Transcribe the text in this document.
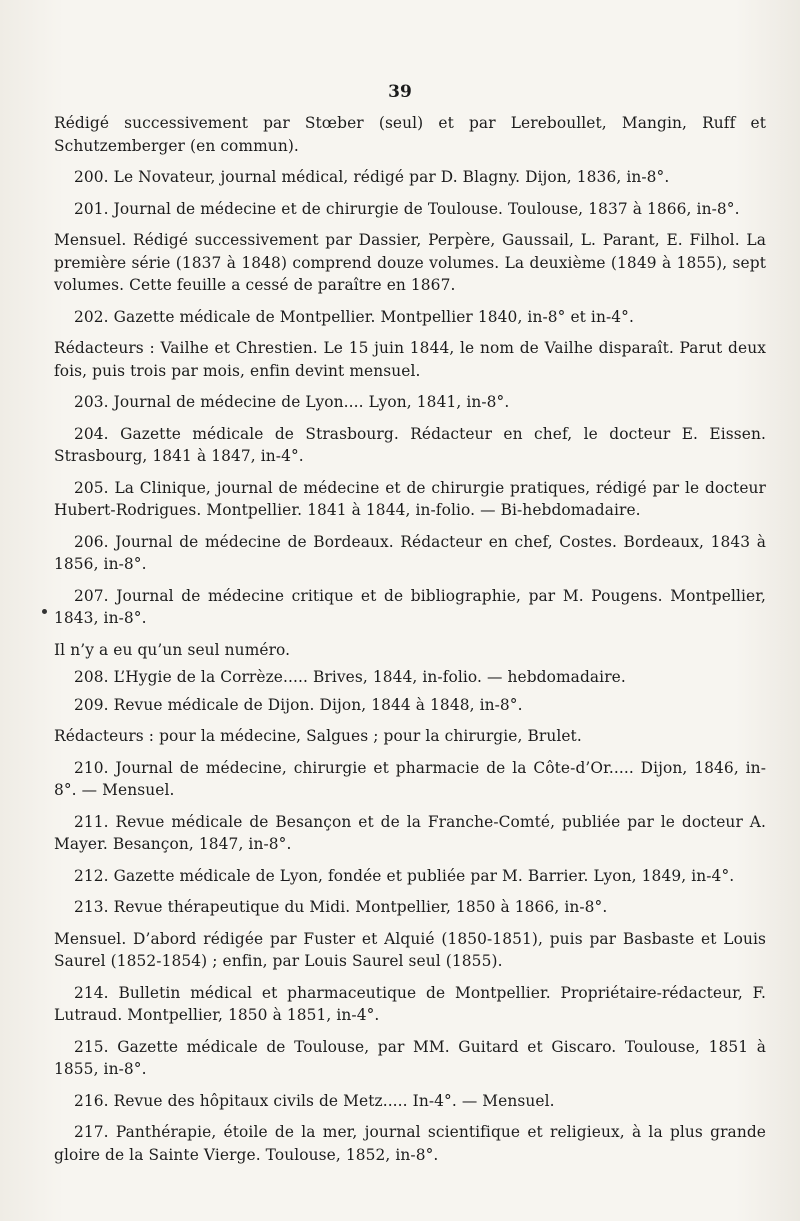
39

Rédigé successivement par Stœber (seul) et par Lereboullet, Mangin, Ruff et Schutzemberger (en commun).

200. Le Novateur, journal médical, rédigé par D. Blagny. Dijon, 1836, in-8°.

201. Journal de médecine et de chirurgie de Toulouse. Toulouse, 1837 à 1866, in-8°.

Mensuel. Rédigé successivement par Dassier, Perpère, Gaussail, L. Parant, E. Filhol. La première série (1837 à 1848) comprend douze volumes. La deuxième (1849 à 1855), sept volumes. Cette feuille a cessé de paraître en 1867.

202. Gazette médicale de Montpellier. Montpellier 1840, in-8° et in-4°.

Rédacteurs : Vailhe et Chrestien. Le 15 juin 1844, le nom de Vailhe disparaît. Parut deux fois, puis trois par mois, enfin devint mensuel.

203. Journal de médecine de Lyon.... Lyon, 1841, in-8°.

204. Gazette médicale de Strasbourg. Rédacteur en chef, le docteur E. Eissen. Strasbourg, 1841 à 1847, in-4°.

205. La Clinique, journal de médecine et de chirurgie pratiques, rédigé par le docteur Hubert-Rodrigues. Montpellier. 1841 à 1844, in-folio. — Bi-hebdomadaire.

206. Journal de médecine de Bordeaux. Rédacteur en chef, Costes. Bordeaux, 1843 à 1856, in-8°.

207. Journal de médecine critique et de bibliographie, par M. Pougens. Montpellier, 1843, in-8°.

Il n’y a eu qu’un seul numéro.

208. L’Hygie de la Corrèze..... Brives, 1844, in-folio. — hebdomadaire.

209. Revue médicale de Dijon. Dijon, 1844 à 1848, in-8°.

Rédacteurs : pour la médecine, Salgues ; pour la chirurgie, Brulet.

210. Journal de médecine, chirurgie et pharmacie de la Côte-d’Or..... Dijon, 1846, in-8°. — Mensuel.

211. Revue médicale de Besançon et de la Franche-Comté, publiée par le docteur A. Mayer. Besançon, 1847, in-8°.

212. Gazette médicale de Lyon, fondée et publiée par M. Barrier. Lyon, 1849, in-4°.

213. Revue thérapeutique du Midi. Montpellier, 1850 à 1866, in-8°.

Mensuel. D’abord rédigée par Fuster et Alquié (1850-1851), puis par Basbaste et Louis Saurel (1852-1854) ; enfin, par Louis Saurel seul (1855).

214. Bulletin médical et pharmaceutique de Montpellier. Propriétaire-rédacteur, F. Lutraud. Montpellier, 1850 à 1851, in-4°.

215. Gazette médicale de Toulouse, par MM. Guitard et Giscaro. Toulouse, 1851 à 1855, in-8°.

216. Revue des hôpitaux civils de Metz..... In-4°. — Mensuel.

217. Panthérapie, étoile de la mer, journal scientifique et religieux, à la plus grande gloire de la Sainte Vierge. Toulouse, 1852, in-8°.
